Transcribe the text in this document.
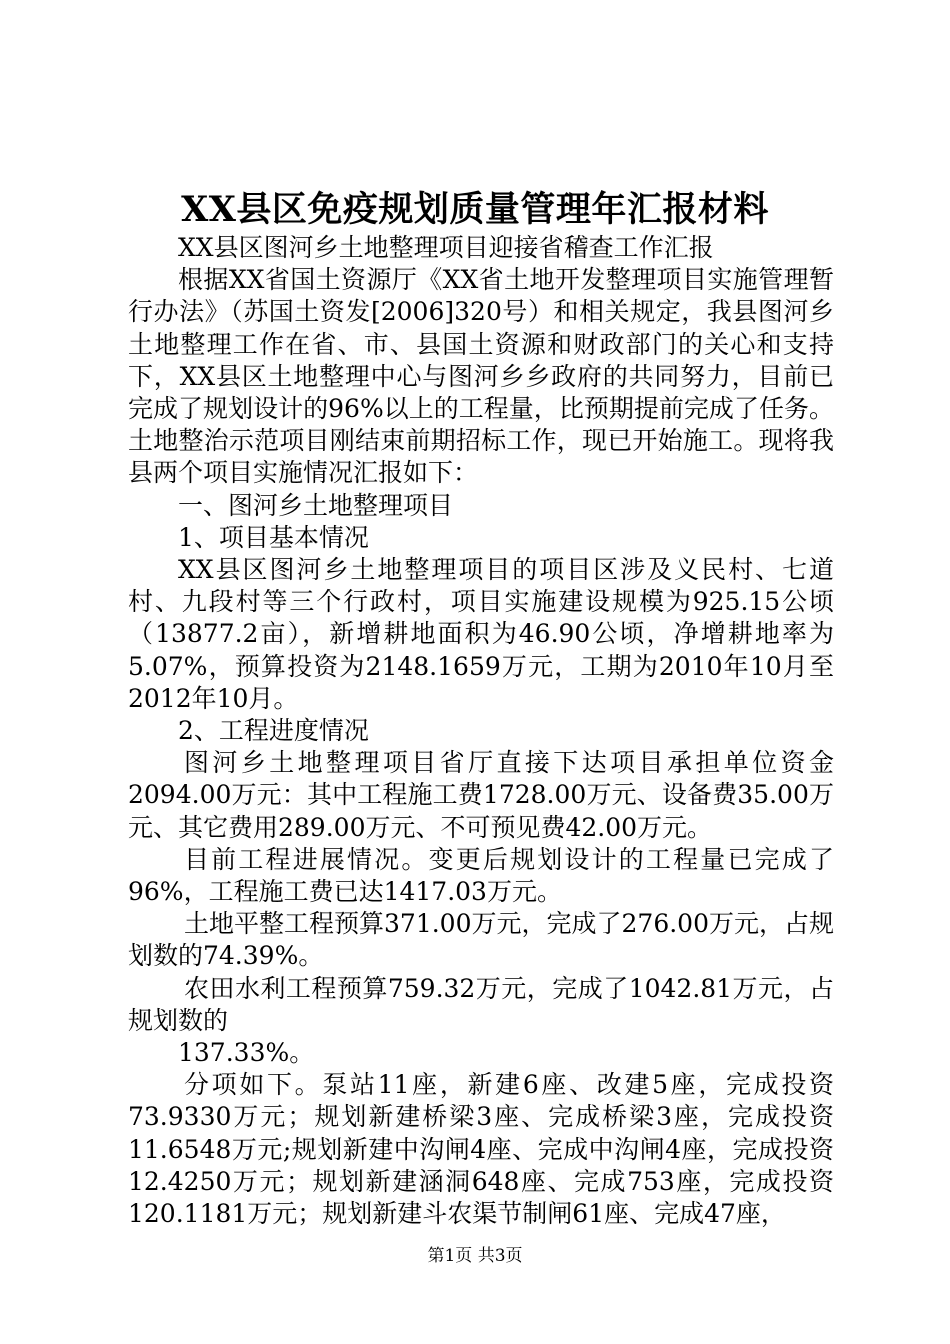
XX县区免疫规划质量管理年汇报材料

XX县区图河乡土地整理项目迎接省稽查工作汇报

根据XX省国土资源厅《XX省土地开发整理项目实施管理暂行办法》（苏国土资发[2006]320号）和相关规定，我县图河乡土地整理工作在省、市、县国土资源和财政部门的关心和支持下，XX县区土地整理中心与图河乡乡政府的共同努力，目前已完成了规划设计的96%以上的工程量，比预期提前完成了任务。土地整治示范项目刚结束前期招标工作，现已开始施工。现将我县两个项目实施情况汇报如下：

一、图河乡土地整理项目

1、项目基本情况

XX县区图河乡土地整理项目的项目区涉及义民村、七道村、九段村等三个行政村，项目实施建设规模为925.15公顷（13877.2亩），新增耕地面积为46.90公顷，净增耕地率为5.07%，预算投资为2148.1659万元，工期为2010年10月至2012年10月。

2、工程进度情况

图河乡土地整理项目省厅直接下达项目承担单位资金2094.00万元：其中工程施工费1728.00万元、设备费35.00万元、其它费用289.00万元、不可预见费42.00万元。

目前工程进展情况。变更后规划设计的工程量已完成了96%，工程施工费已达1417.03万元。

土地平整工程预算371.00万元，完成了276.00万元，占规划数的74.39%。

农田水利工程预算759.32万元，完成了1042.81万元，占规划数的

137.33%。

分项如下。泵站11座，新建6座、改建5座，完成投资73.9330万元；规划新建桥梁3座、完成桥梁3座，完成投资11.6548万元;规划新建中沟闸4座、完成中沟闸4座，完成投资12.4250万元；规划新建涵洞648座、完成753座，完成投资120.1181万元；规划新建斗农渠节制闸61座、完成47座，

第1页 共3页
